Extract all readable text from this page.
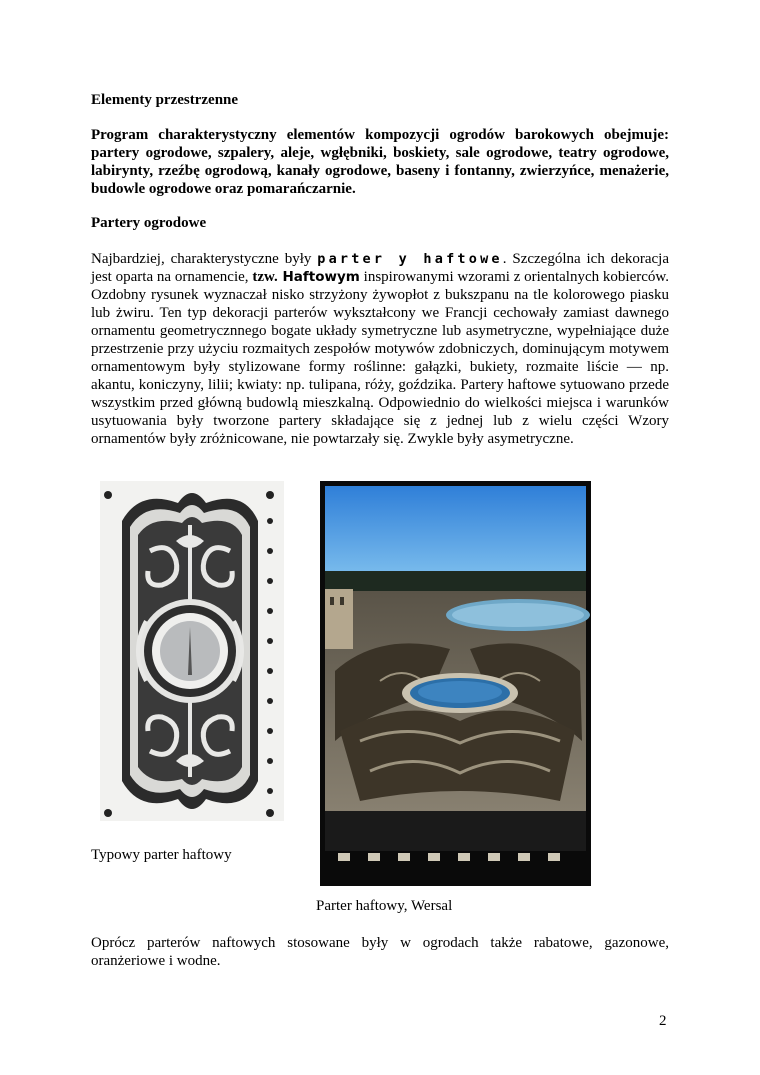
Elementy przestrzenne
Program charakterystyczny elementów kompozycji ogrodów barokowych obejmuje: partery ogrodowe, szpalery, aleje, wgłębniki, boskiety, sale ogrodowe, teatry ogrodowe, labirynty, rzeźbę ogrodową, kanały ogrodowe, baseny i fontanny, zwierzyńce, menażerie, budowle ogrodowe oraz pomarańczarnie.
Partery ogrodowe
Najbardziej, charakterystyczne były parter y haftowe. Szczególna ich dekoracja jest oparta na ornamencie, tzw. Haftowym inspirowanymi wzorami z orientalnych kobierców. Ozdobny rysunek wyznaczał nisko strzyżony żywopłot z bukszpanu na tle kolorowego piasku lub żwiru. Ten typ dekoracji parterów wykształcony we Francji cechowały zamiast dawnego ornamentu geometrycznnego bogate układy symetryczne lub asymetryczne, wypełniające duże przestrzenie przy użyciu rozmaitych zespołów motywów zdobniczych, dominującym motywem ornamentowym były stylizowane formy roślinne: gałązki, bukiety, rozmaite liście — np. akantu, koniczyny, lilii; kwiaty: np. tulipana, róży, goździka. Partery haftowe sytuowano przede wszystkim przed główną budowlą mieszkalną. Odpowiednio do wielkości miejsca i warunków usytuowania były tworzone partery składające się z jednej lub z wielu części Wzory ornamentów były zróżnicowane, nie powtarzały się. Zwykle były asymetryczne.
Typowy parter haftowy
Parter haftowy, Wersal
Oprócz parterów naftowych stosowane były w ogrodach także rabatowe, gazonowe, oranżeriowe i wodne.
2
